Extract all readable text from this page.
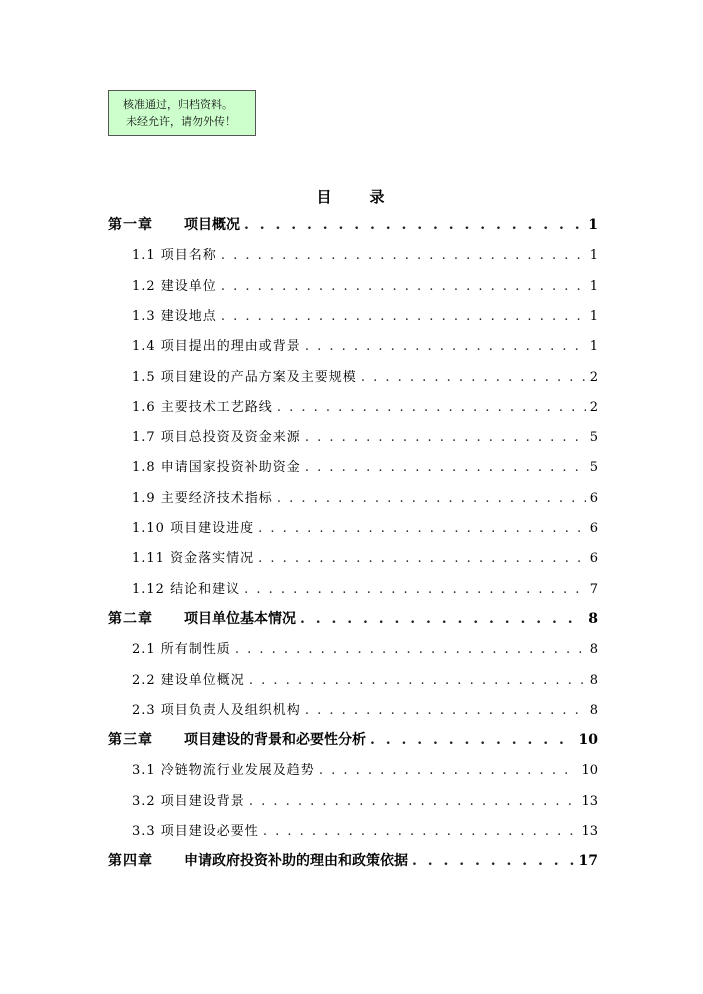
核准通过，归档资料。
未经允许，请勿外传！
目 录
第一章	项目概况 . . .	1
1.1 项目名称 . . .	1
1.2 建设单位 . . .	1
1.3 建设地点 . . .	1
1.4 项目提出的理由或背景 . . .	1
1.5 项目建设的产品方案及主要规模 . . .	2
1.6 主要技术工艺路线 . . .	2
1.7 项目总投资及资金来源 . . .	5
1.8 申请国家投资补助资金 . . .	5
1.9 主要经济技术指标 . . .	6
1.10 项目建设进度 . . .	6
1.11 资金落实情况 . . .	6
1.12 结论和建议 . . .	7
第二章	项目单位基本情况 . . .	8
2.1 所有制性质 . . .	8
2.2 建设单位概况 . . .	8
2.3 项目负责人及组织机构 . . .	8
第三章	项目建设的背景和必要性分析 . . .	10
3.1 冷链物流行业发展及趋势 . . .	10
3.2 项目建设背景 . . .	13
3.3 项目建设必要性 . . .	13
第四章	申请政府投资补助的理由和政策依据 . . .	17
